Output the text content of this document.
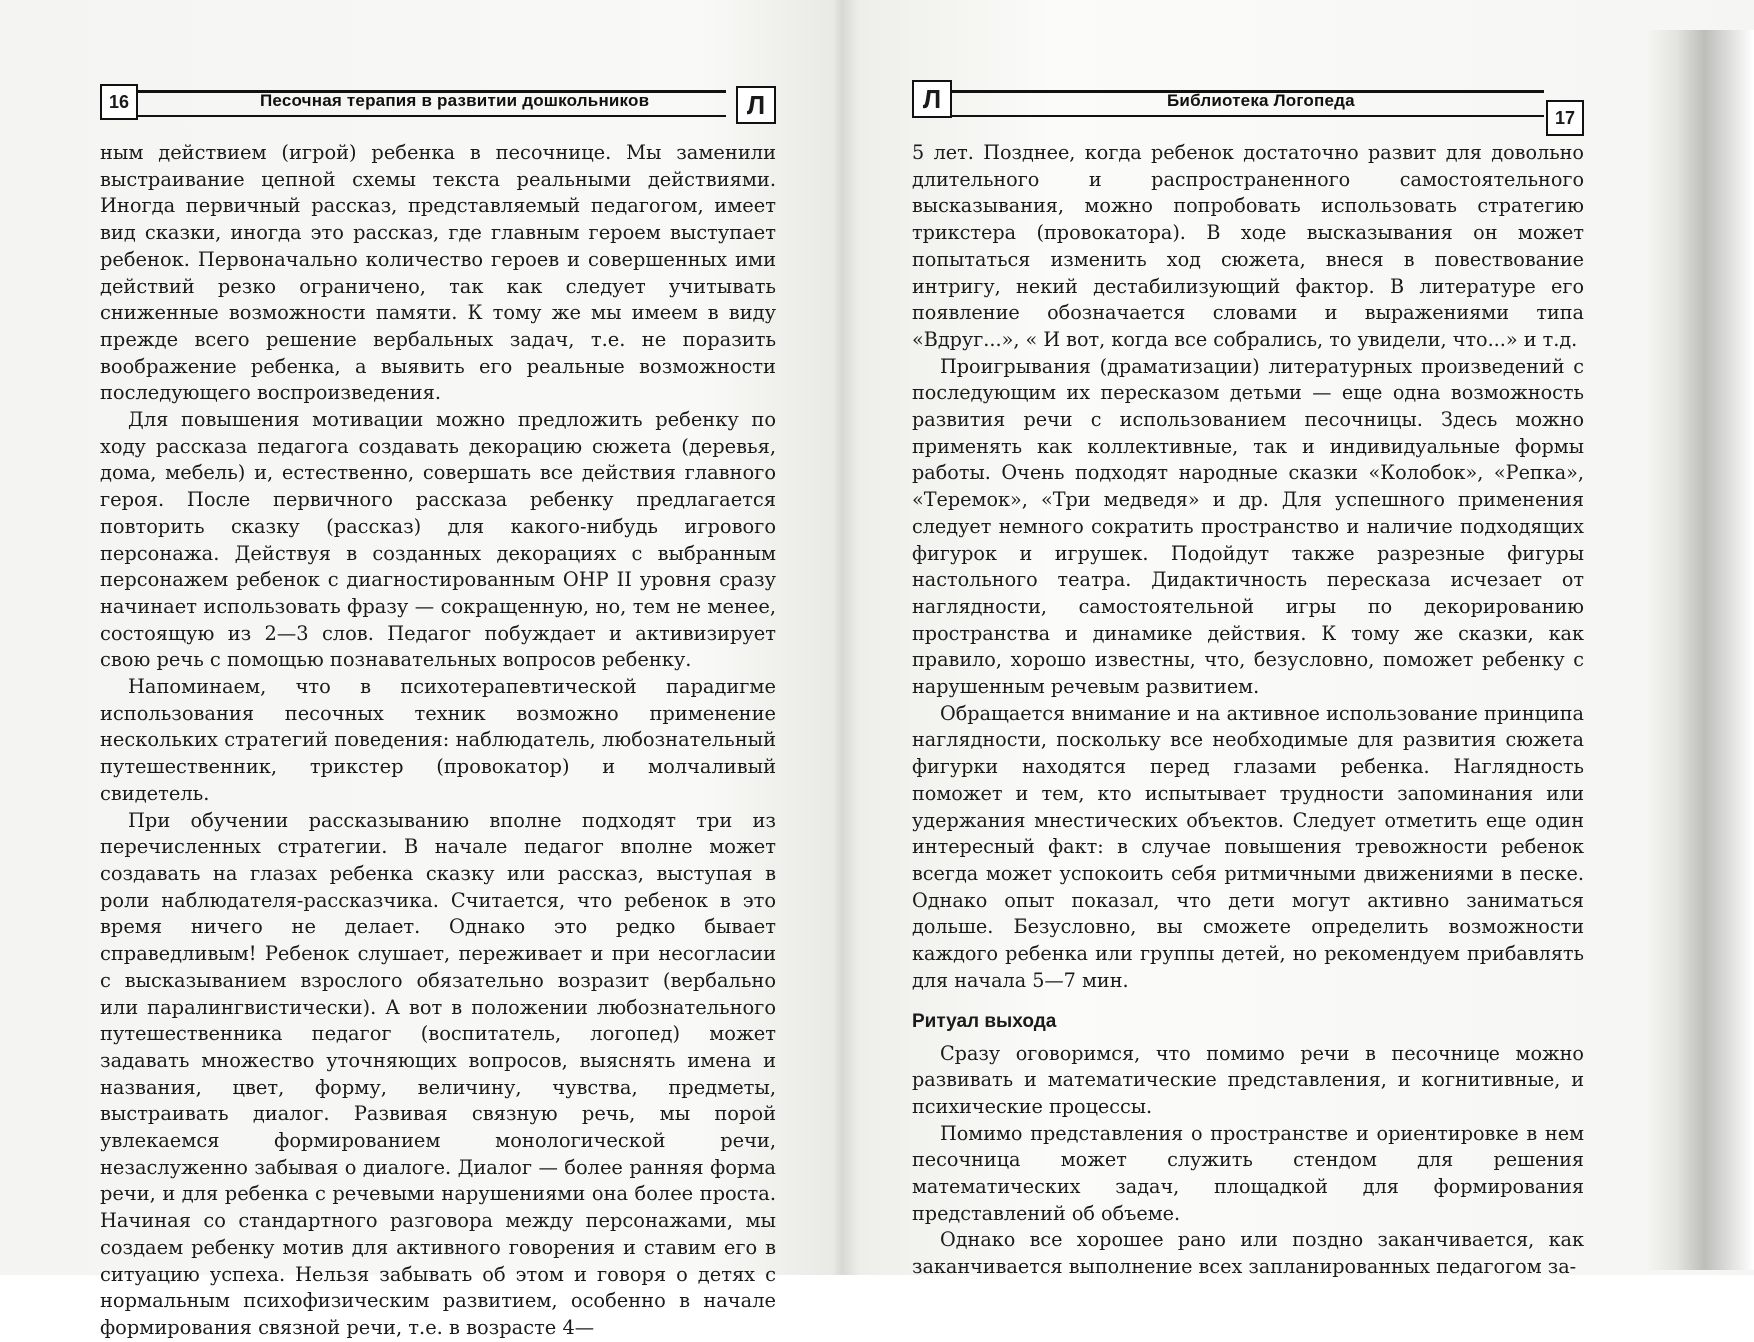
16	Песочная терапия в развитии дошкольников	Л

ным действием (игрой) ребенка в песочнице. Мы заменили выстраивание цепной схемы текста реальными действиями. Иногда первичный рассказ, представляемый педагогом, имеет вид сказки, иногда это рассказ, где главным героем выступает ребенок. Первоначально количество героев и совершенных ими действий резко ограничено, так как следует учитывать сниженные возможности памяти. К тому же мы имеем в виду прежде всего решение вербальных задач, т.е. не поразить воображение ребенка, а выявить его реальные возможности последующего воспроизведения.

Для повышения мотивации можно предложить ребенку по ходу рассказа педагога создавать декорацию сюжета (деревья, дома, мебель) и, естественно, совершать все действия главного героя. После первичного рассказа ребенку предлагается повторить сказку (рассказ) для какого-нибудь игрового персонажа. Действуя в созданных декорациях с выбранным персонажем ребенок с диагностированным ОНР II уровня сразу начинает использовать фразу — сокращенную, но, тем не менее, состоящую из 2—3 слов. Педагог побуждает и активизирует свою речь с помощью познавательных вопросов ребенку.

Напоминаем, что в психотерапевтической парадигме использования песочных техник возможно применение нескольких стратегий поведения: наблюдатель, любознательный путешественник, трикстер (провокатор) и молчаливый свидетель.

При обучении рассказыванию вполне подходят три из перечисленных стратегии. В начале педагог вполне может создавать на глазах ребенка сказку или рассказ, выступая в роли наблюдателя-рассказчика. Считается, что ребенок в это время ничего не делает. Однако это редко бывает справедливым! Ребенок слушает, переживает и при несогласии с высказыванием взрослого обязательно возразит (вербально или паралингвистически). А вот в положении любознательного путешественника педагог (воспитатель, логопед) может задавать множество уточняющих вопросов, выяснять имена и названия, цвет, форму, величину, чувства, предметы, выстраивать диалог. Развивая связную речь, мы порой увлекаемся формированием монологической речи, незаслуженно забывая о диалоге. Диалог — более ранняя форма речи, и для ребенка с речевыми нарушениями она более проста. Начиная со стандартного разговора между персонажами, мы создаем ребенку мотив для активного говорения и ставим его в ситуацию успеха. Нельзя забывать об этом и говоря о детях с нормальным психофизическим развитием, особенно в начале формирования связной речи, т.е. в возрасте 4—

Л	Библиотека Логопеда
17

5 лет. Позднее, когда ребенок достаточно развит для довольно длительного и распространенного самостоятельного высказывания, можно попробовать использовать стратегию трикстера (провокатора). В ходе высказывания он может попытаться изменить ход сюжета, внеся в повествование интригу, некий дестабилизующий фактор. В литературе его появление обозначается словами и выражениями типа «Вдруг...», « И вот, когда все собрались, то увидели, что...» и т.д.

Проигрывания (драматизации) литературных произведений с последующим их пересказом детьми — еще одна возможность развития речи с использованием песочницы. Здесь можно применять как коллективные, так и индивидуальные формы работы. Очень подходят народные сказки «Колобок», «Репка», «Теремок», «Три медведя» и др. Для успешного применения следует немного сократить пространство и наличие подходящих фигурок и игрушек. Подойдут также разрезные фигуры настольного театра. Дидактичность пересказа исчезает от наглядности, самостоятельной игры по декорированию пространства и динамике действия. К тому же сказки, как правило, хорошо известны, что, безусловно, поможет ребенку с нарушенным речевым развитием.

Обращается внимание и на активное использование принципа наглядности, поскольку все необходимые для развития сюжета фигурки находятся перед глазами ребенка. Наглядность поможет и тем, кто испытывает трудности запоминания или удержания мнестических объектов. Следует отметить еще один интересный факт: в случае повышения тревожности ребенок всегда может успокоить себя ритмичными движениями в песке. Однако опыт показал, что дети могут активно заниматься дольше. Безусловно, вы сможете определить возможности каждого ребенка или группы детей, но рекомендуем прибавлять для начала 5—7 мин.

Ритуал выхода

Сразу оговоримся, что помимо речи в песочнице можно развивать и математические представления, и когнитивные, и психические процессы.

Помимо представления о пространстве и ориентировке в нем песочница может служить стендом для решения математических задач, площадкой для формирования представлений об объеме.

Однако все хорошее рано или поздно заканчивается, как заканчивается выполнение всех запланированных педагогом за-
